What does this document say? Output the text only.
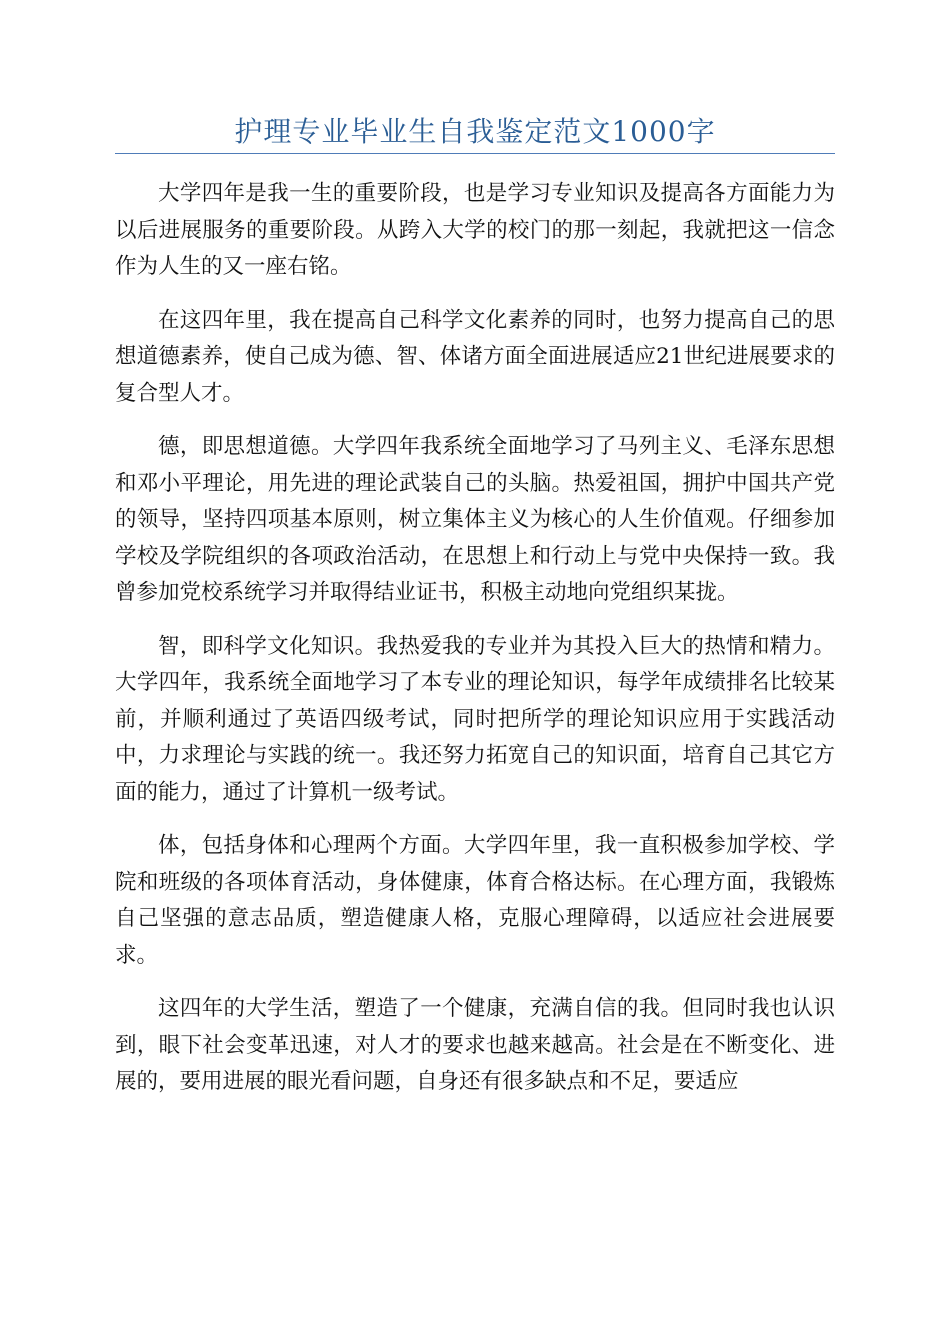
护理专业毕业生自我鉴定范文1000字

大学四年是我一生的重要阶段，也是学习专业知识及提高各方面能力为以后进展服务的重要阶段。从跨入大学的校门的那一刻起，我就把这一信念作为人生的又一座右铭。

在这四年里，我在提高自己科学文化素养的同时，也努力提高自己的思想道德素养，使自己成为德、智、体诸方面全面进展适应21世纪进展要求的复合型人才。

德，即思想道德。大学四年我系统全面地学习了马列主义、毛泽东思想和邓小平理论，用先进的理论武装自己的头脑。热爱祖国，拥护中国共产党的领导，坚持四项基本原则，树立集体主义为核心的人生价值观。仔细参加学校及学院组织的各项政治活动，在思想上和行动上与党中央保持一致。我曾参加党校系统学习并取得结业证书，积极主动地向党组织某拢。

智，即科学文化知识。我热爱我的专业并为其投入巨大的热情和精力。大学四年，我系统全面地学习了本专业的理论知识，每学年成绩排名比较某前，并顺利通过了英语四级考试，同时把所学的理论知识应用于实践活动中，力求理论与实践的统一。我还努力拓宽自己的知识面，培育自己其它方面的能力，通过了计算机一级考试。

体，包括身体和心理两个方面。大学四年里，我一直积极参加学校、学院和班级的各项体育活动，身体健康，体育合格达标。在心理方面，我锻炼自己坚强的意志品质，塑造健康人格，克服心理障碍，以适应社会进展要求。

这四年的大学生活，塑造了一个健康，充满自信的我。但同时我也认识到，眼下社会变革迅速，对人才的要求也越来越高。社会是在不断变化、进展的，要用进展的眼光看问题，自身还有很多缺点和不足，要适应
